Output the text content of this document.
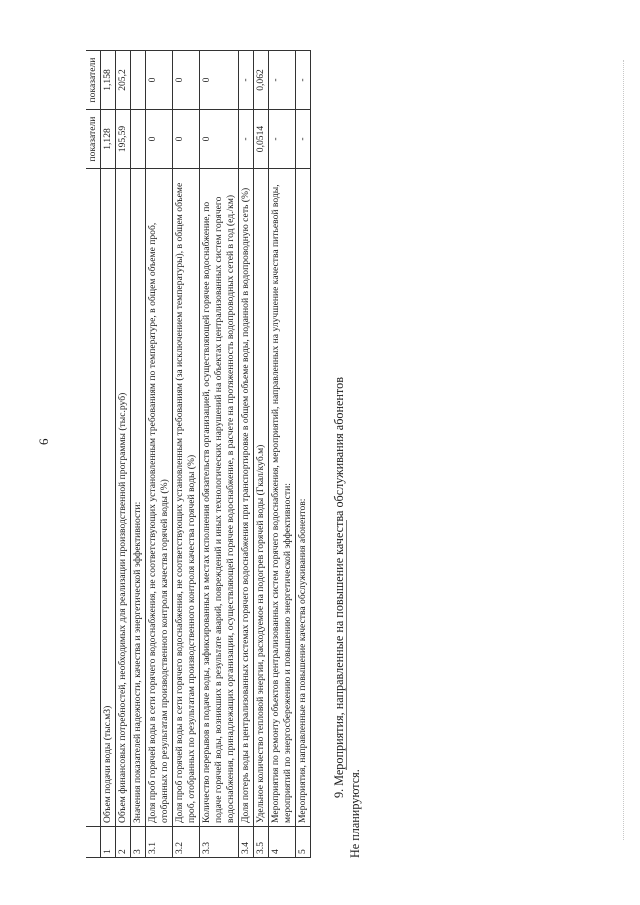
6
		показатели	показатели
1	Объем подачи воды (тыс.м3)	1,128	1,158
2	Объем финансовых потребностей, необходимых для реализации производственной программы (тыс.руб)	195,59	205,2
3	Значения показателей надежности, качества и энергетической эффективности:		
3.1	Доля проб горячей воды в сети горячего водоснабжения, не соответствующих установленным требованиям по температуре, в общем объеме проб, отобранных по результатам производственного контроля качества горячей воды (%)	0	0
3.2	Доля проб горячей воды в сети горячего водоснабжения, не соответствующих установленным требованиям (за исключением температуры), в общем объеме проб, отобранных по результатам производственного контроля качества горячей воды (%)	0	0
3.3	Количество перерывов в подаче воды, зафиксированных в местах исполнения обязательств организацией, осуществляющей горячее водоснабжение, по подаче горячей воды, возникших в результате аварий, повреждений и иных технологических нарушений на объектах централизованных систем горячего водоснабжения, принадлежащих организации, осуществляющей горячее водоснабжение, в расчете на протяженность водопроводных сетей в год (ед./км)	0	0
3.4	Доля потерь воды в централизованных системах горячего водоснабжения при транспортировке в общем объеме воды, поданной в водопроводную сеть (%)	-	-
3.5	Удельное количество тепловой энергии, расходуемое на подогрев горячей воды (Гкал/куб.м)	0,0514	0,062
4	Мероприятия по ремонту объектов централизованных систем горячего водоснабжения, мероприятий, направленных на улучшение качества питьевой воды, мероприятий по энергосбережению и повышению энергетической эффективности:	-	-
5	Мероприятия, направленные на повышение качества обслуживания абонентов:	-	-
9. Мероприятия, направленные на повышение качества обслуживания абонентов
Не планируются.
